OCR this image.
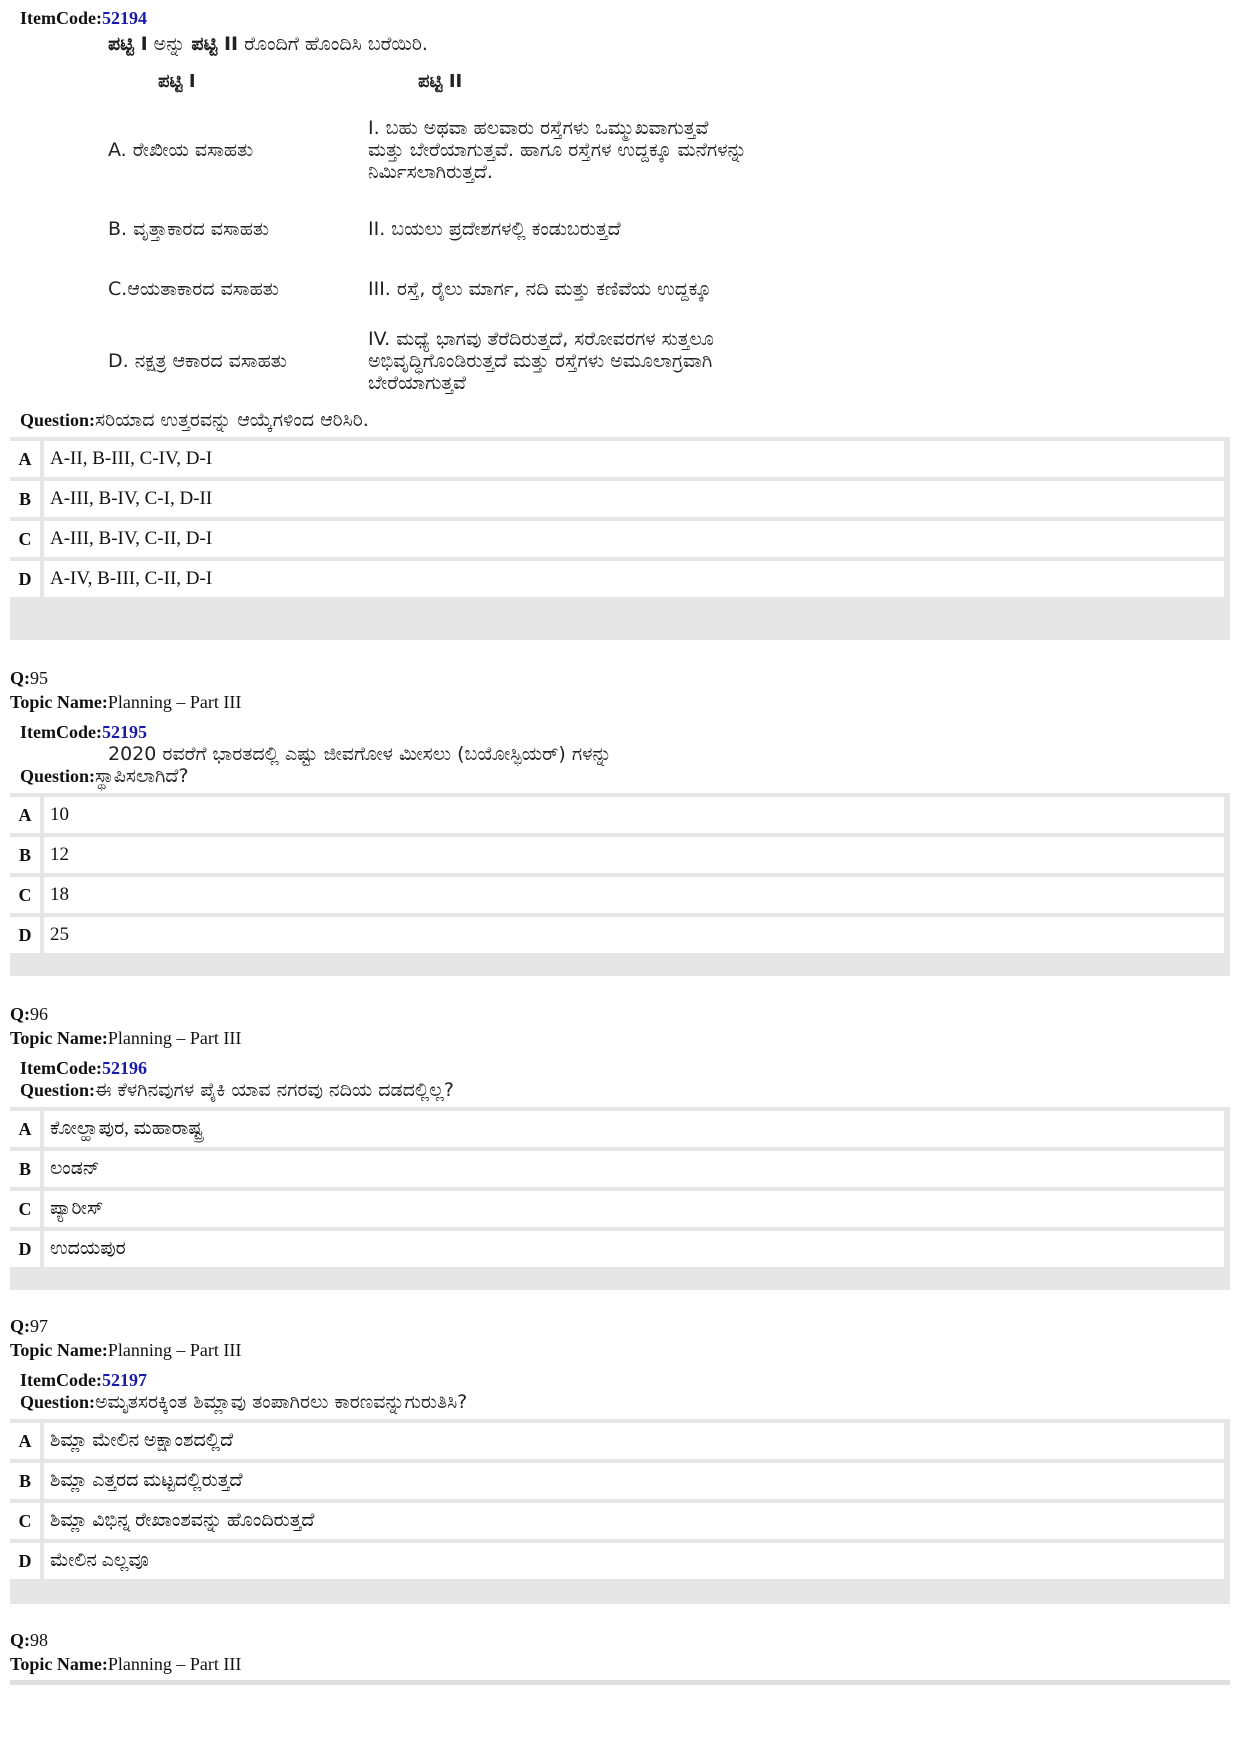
ItemCode:52194
ಪಟ್ಟಿ I ಅನ್ನು ಪಟ್ಟಿ II ರೊಂದಿಗೆ ಹೊಂದಿಸಿ ಬರೆಯಿರಿ.
ಪಟ್ಟಿ I	ಪಟ್ಟಿ II
A. ರೇಖೀಯ ವಸಾಹತು	I. ಬಹು ಅಥವಾ ಹಲವಾರು ರಸ್ತೆಗಳು ಒಮ್ಮುಖವಾಗುತ್ತವೆ ಮತ್ತು ಬೇರೆಯಾಗುತ್ತವೆ. ಹಾಗೂ ರಸ್ತೆಗಳ ಉದ್ದಕ್ಕೂ ಮನೆಗಳನ್ನು ನಿರ್ಮಿಸಲಾಗಿರುತ್ತದೆ.
B. ವೃತ್ತಾಕಾರದ ವಸಾಹತು	II. ಬಯಲು ಪ್ರದೇಶಗಳಲ್ಲಿ ಕಂಡುಬರುತ್ತದೆ
C.ಆಯತಾಕಾರದ ವಸಾಹತು	III. ರಸ್ತೆ, ರೈಲು ಮಾರ್ಗ, ನದಿ ಮತ್ತು ಕಣಿವೆಯ ಉದ್ದಕ್ಕೂ
D. ನಕ್ಷತ್ರ ಆಕಾರದ ವಸಾಹತು	IV. ಮಧ್ಯೆ ಭಾಗವು ತೆರೆದಿರುತ್ತದೆ, ಸರೋವರಗಳ ಸುತ್ತಲೂ ಅಭಿವೃದ್ಧಿಗೊಂಡಿರುತ್ತದೆ ಮತ್ತು ರಸ್ತೆಗಳು ಅಮೂಲಾಗ್ರವಾಗಿ ಬೇರೆಯಾಗುತ್ತವೆ
Question:ಸರಿಯಾದ ಉತ್ತರವನ್ನು ಆಯ್ಕೆಗಳಿಂದ ಆರಿಸಿರಿ.
A A-II, B-III, C-IV, D-I
B	A-III, B-IV, C-I, D-II
C A-III, B-IV, C-II, D-I
D A-IV, B-III, C-II, D-I
Q:95
Topic Name:Planning – Part III
ItemCode:52195
2020 ರವರೆಗೆ ಭಾರತದಲ್ಲಿ ಎಷ್ಟು ಜೀವಗೋಳ ಮೀಸಲು (ಬಯೋಸ್ಫಿಯರ್) ಗಳನ್ನು
Question:ಸ್ಥಾಪಿಸಲಾಗಿದೆ?
A 10
B	12
C 18
D 25
Q:96
Topic Name:Planning – Part III
ItemCode:52196
Question:ಈ ಕೆಳಗಿನವುಗಳ ಪೈಕಿ ಯಾವ ನಗರವು ನದಿಯ ದಡದಲ್ಲಿಲ್ಲ?
A ಕೋಲ್ಹಾಪುರ, ಮಹಾರಾಷ್ಟ್ರ
B	ಲಂಡನ್
C ಪ್ಯಾರೀಸ್
D ಉದಯಪುರ
Q:97
Topic Name:Planning – Part III
ItemCode:52197
Question:ಅಮೃತಸರಕ್ಕಿಂತ ಶಿಮ್ಲಾವು ತಂಪಾಗಿರಲು ಕಾರಣವನ್ನುಗುರುತಿಸಿ?
A ಶಿಮ್ಲಾ ಮೇಲಿನ ಅಕ್ಷಾಂಶದಲ್ಲಿದೆ
B	ಶಿಮ್ಲಾ ಎತ್ತರದ ಮಟ್ಟದಲ್ಲಿರುತ್ತದೆ
C ಶಿಮ್ಲಾ ವಿಭಿನ್ನ ರೇಖಾಂಶವನ್ನು ಹೊಂದಿರುತ್ತದೆ
D ಮೇಲಿನ ಎಲ್ಲವೂ
Q:98
Topic Name:Planning – Part III
